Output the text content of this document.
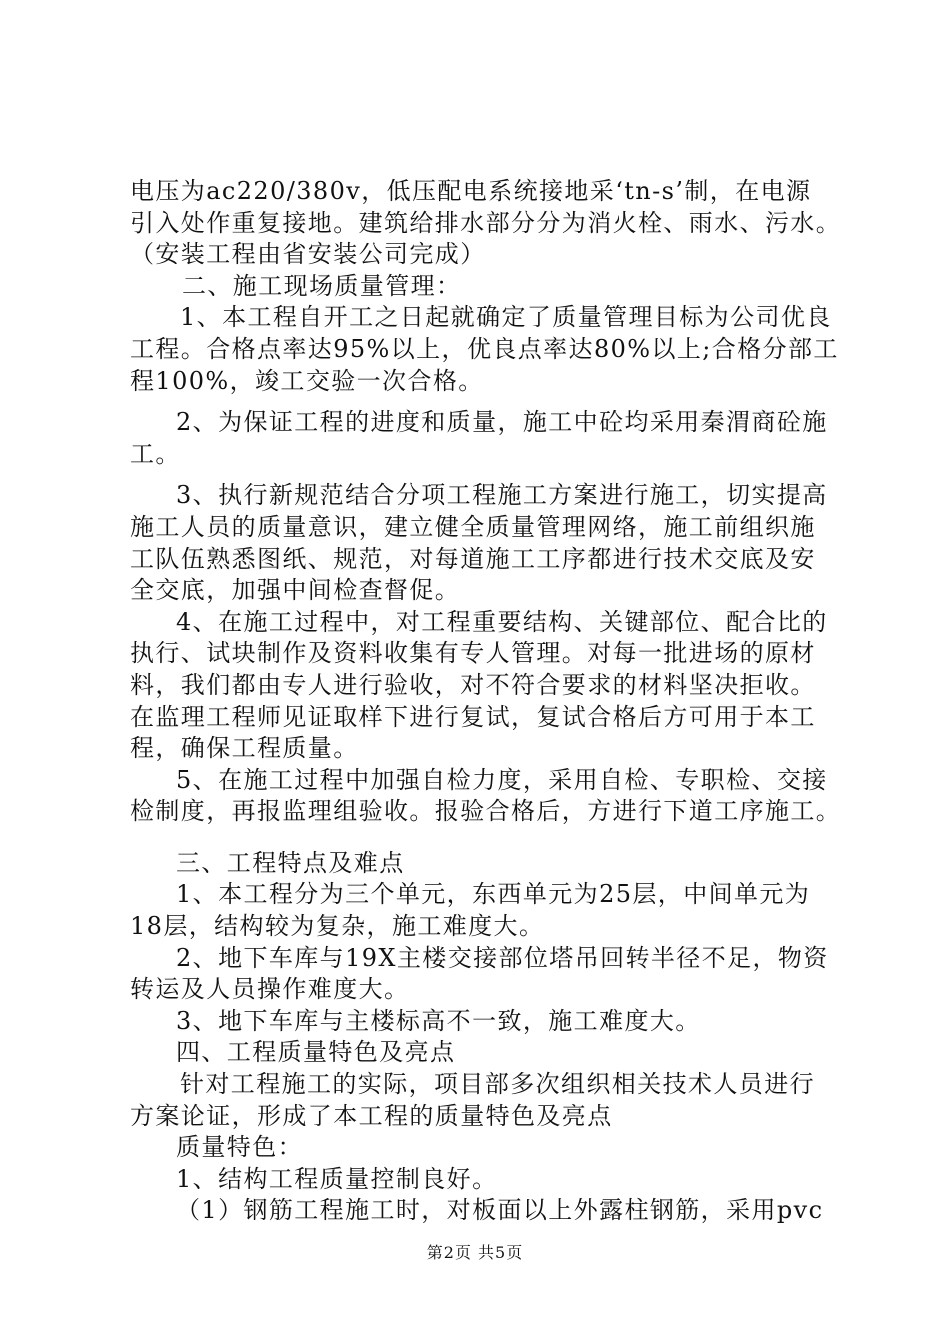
电压为ac220/380v，低压配电系统接地采‘tn-s’制，在电源
引入处作重复接地。建筑给排水部分分为消火栓、雨水、污水。
（安装工程由省安装公司完成）
二、施工现场质量管理：
1、本工程自开工之日起就确定了质量管理目标为公司优良
工程。合格点率达95%以上，优良点率达80%以上;合格分部工
程100%，竣工交验一次合格。
2、为保证工程的进度和质量，施工中砼均采用秦渭商砼施
工。
3、执行新规范结合分项工程施工方案进行施工，切实提高
施工人员的质量意识，建立健全质量管理网络，施工前组织施
工队伍熟悉图纸、规范，对每道施工工序都进行技术交底及安
全交底，加强中间检查督促。
4、在施工过程中，对工程重要结构、关键部位、配合比的
执行、试块制作及资料收集有专人管理。对每一批进场的原材
料，我们都由专人进行验收，对不符合要求的材料坚决拒收。
在监理工程师见证取样下进行复试，复试合格后方可用于本工
程，确保工程质量。
5、在施工过程中加强自检力度，采用自检、专职检、交接
检制度，再报监理组验收。报验合格后，方进行下道工序施工。
三、工程特点及难点
1、本工程分为三个单元，东西单元为25层，中间单元为
18层，结构较为复杂，施工难度大。
2、地下车库与19X主楼交接部位塔吊回转半径不足，物资
转运及人员操作难度大。
3、地下车库与主楼标高不一致，施工难度大。
四、工程质量特色及亮点
针对工程施工的实际，项目部多次组织相关技术人员进行
方案论证，形成了本工程的质量特色及亮点
质量特色：
1、结构工程质量控制良好。
（1）钢筋工程施工时，对板面以上外露柱钢筋，采用pvc
第2页 共5页
